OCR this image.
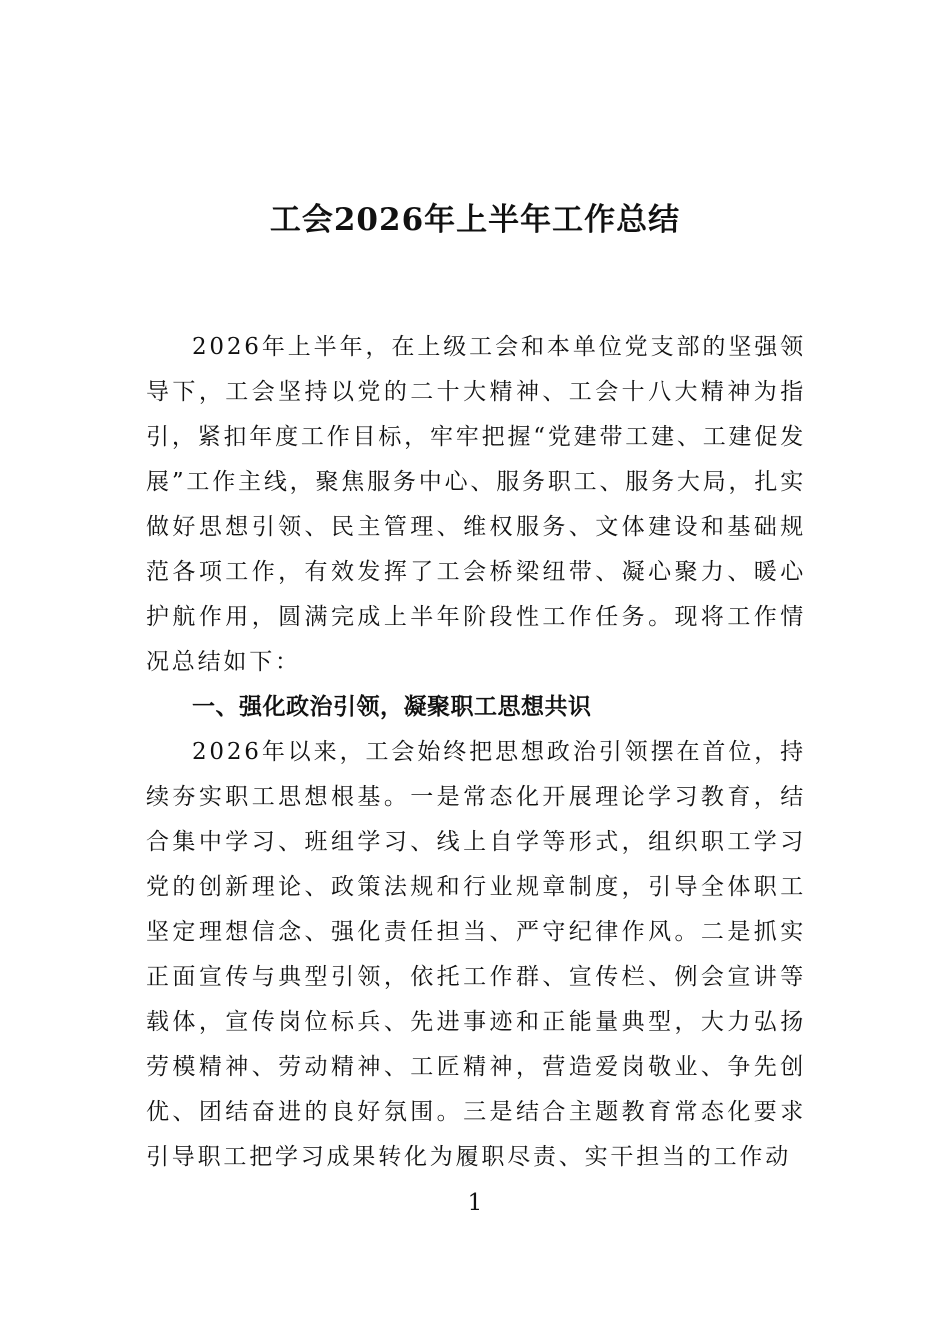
工会2026年上半年工作总结

2026年上半年，在上级工会和本单位党支部的坚强领导下，工会坚持以党的二十大精神、工会十八大精神为指引，紧扣年度工作目标，牢牢把握“党建带工建、工建促发展”工作主线，聚焦服务中心、服务职工、服务大局，扎实做好思想引领、民主管理、维权服务、文体建设和基础规范各项工作，有效发挥了工会桥梁纽带、凝心聚力、暖心护航作用，圆满完成上半年阶段性工作任务。现将工作情况总结如下：

一、强化政治引领，凝聚职工思想共识

2026年以来，工会始终把思想政治引领摆在首位，持续夯实职工思想根基。一是常态化开展理论学习教育，结合集中学习、班组学习、线上自学等形式，组织职工学习党的创新理论、政策法规和行业规章制度，引导全体职工坚定理想信念、强化责任担当、严守纪律作风。二是抓实正面宣传与典型引领，依托工作群、宣传栏、例会宣讲等载体，宣传岗位标兵、先进事迹和正能量典型，大力弘扬劳模精神、劳动精神、工匠精神，营造爱岗敬业、争先创优、团结奋进的良好氛围。三是结合主题教育常态化要求引导职工把学习成果转化为履职尽责、实干担当的工作动

1
